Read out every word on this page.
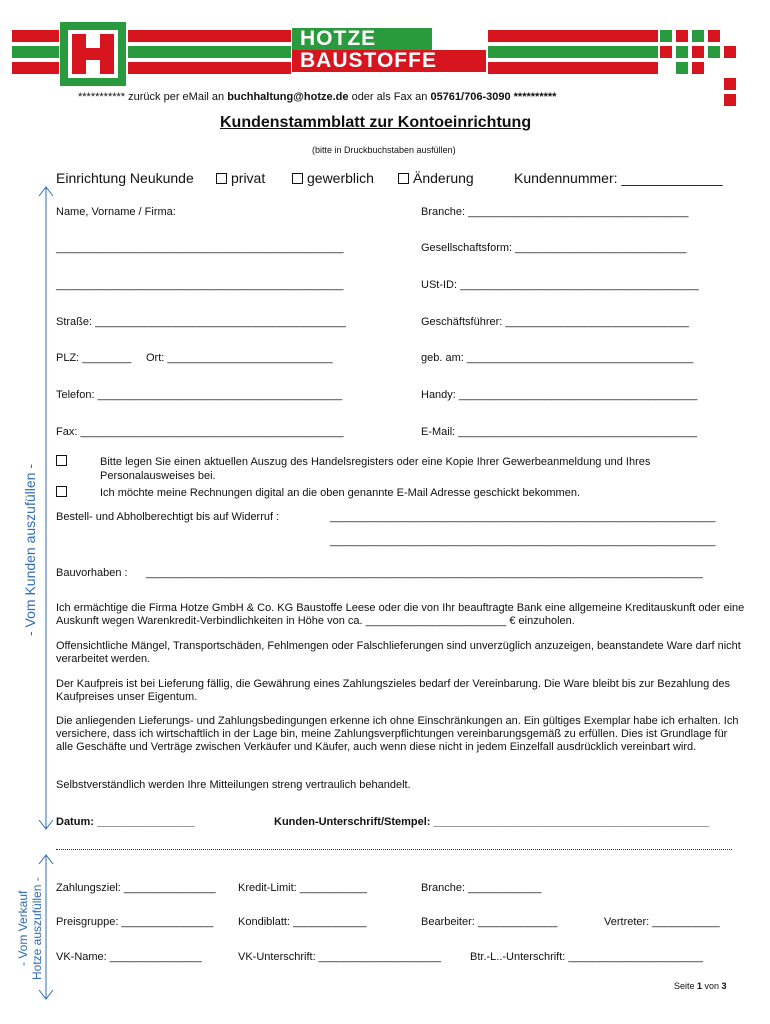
HOTZE
BAUSTOFFE
*********** zurück per eMail an buchhaltung@hotze.de oder als Fax an 05761/706-3090 **********
Kundenstammblatt zur Kontoeinrichtung
(bitte in Druckbuchstaben ausfüllen)
Einrichtung Neukunde	privat	gewerblich	Änderung	Kundennummer: _____________
Name, Vorname / Firma:
_______________________________________________
_______________________________________________
Straße: _________________________________________
PLZ: ________ Ort: ___________________________
Telefon: ________________________________________
Fax: ___________________________________________
Branche: ____________________________________
Gesellschaftsform: ____________________________
USt-ID: _______________________________________
Geschäftsführer: ______________________________
geb. am: _____________________________________
Handy: _______________________________________
E-Mail: _______________________________________
Bitte legen Sie einen aktuellen Auszug des Handelsregisters oder eine Kopie Ihrer Gewerbeanmeldung und Ihres
Personalausweises bei.
Ich möchte meine Rechnungen digital an die oben genannte E-Mail Adresse geschickt bekommen.
Bestell- und Abholberechtigt bis auf Widerruf :	_______________________________________________________________
_______________________________________________________________
Bauvorhaben : ___________________________________________________________________________________________
Ich ermächtige die Firma Hotze GmbH & Co. KG Baustoffe Leese oder die von Ihr beauftragte Bank eine allgemeine Kreditauskunft oder eine Auskunft wegen Warenkredit-Verbindlichkeiten in Höhe von ca. _______________________ € einzuholen.
Offensichtliche Mängel, Transportschäden, Fehlmengen oder Falschlieferungen sind unverzüglich anzuzeigen, beanstandete Ware darf nicht verarbeitet werden.
Der Kaufpreis ist bei Lieferung fällig, die Gewährung eines Zahlungszieles bedarf der Vereinbarung. Die Ware bleibt bis zur Bezahlung des Kaufpreises unser Eigentum.
Die anliegenden Lieferungs- und Zahlungsbedingungen erkenne ich ohne Einschränkungen an. Ein gültiges Exemplar habe ich erhalten. Ich versichere, dass ich wirtschaftlich in der Lage bin, meine Zahlungsverpflichtungen vereinbarungsgemäß zu erfüllen. Dies ist Grundlage für alle Geschäfte und Verträge zwischen Verkäufer und Käufer, auch wenn diese nicht in jedem Einzelfall ausdrücklich vereinbart wird.
Selbstverständlich werden Ihre Mitteilungen streng vertraulich behandelt.
Datum: ________________	Kunden-Unterschrift/Stempel: _____________________________________________
Zahlungsziel: _______________ Kredit-Limit: ___________	Branche: ____________
Preisgruppe: _______________ Kondiblatt: ____________	Bearbeiter: _____________	Vertreter: ___________
VK-Name: _______________	VK-Unterschrift: ____________________	Btr.-L..-Unterschrift: ______________________
- Vom Kunden auszufüllen -
- Vom Verkauf Hotze auszufüllen -
Seite 1 von 3
